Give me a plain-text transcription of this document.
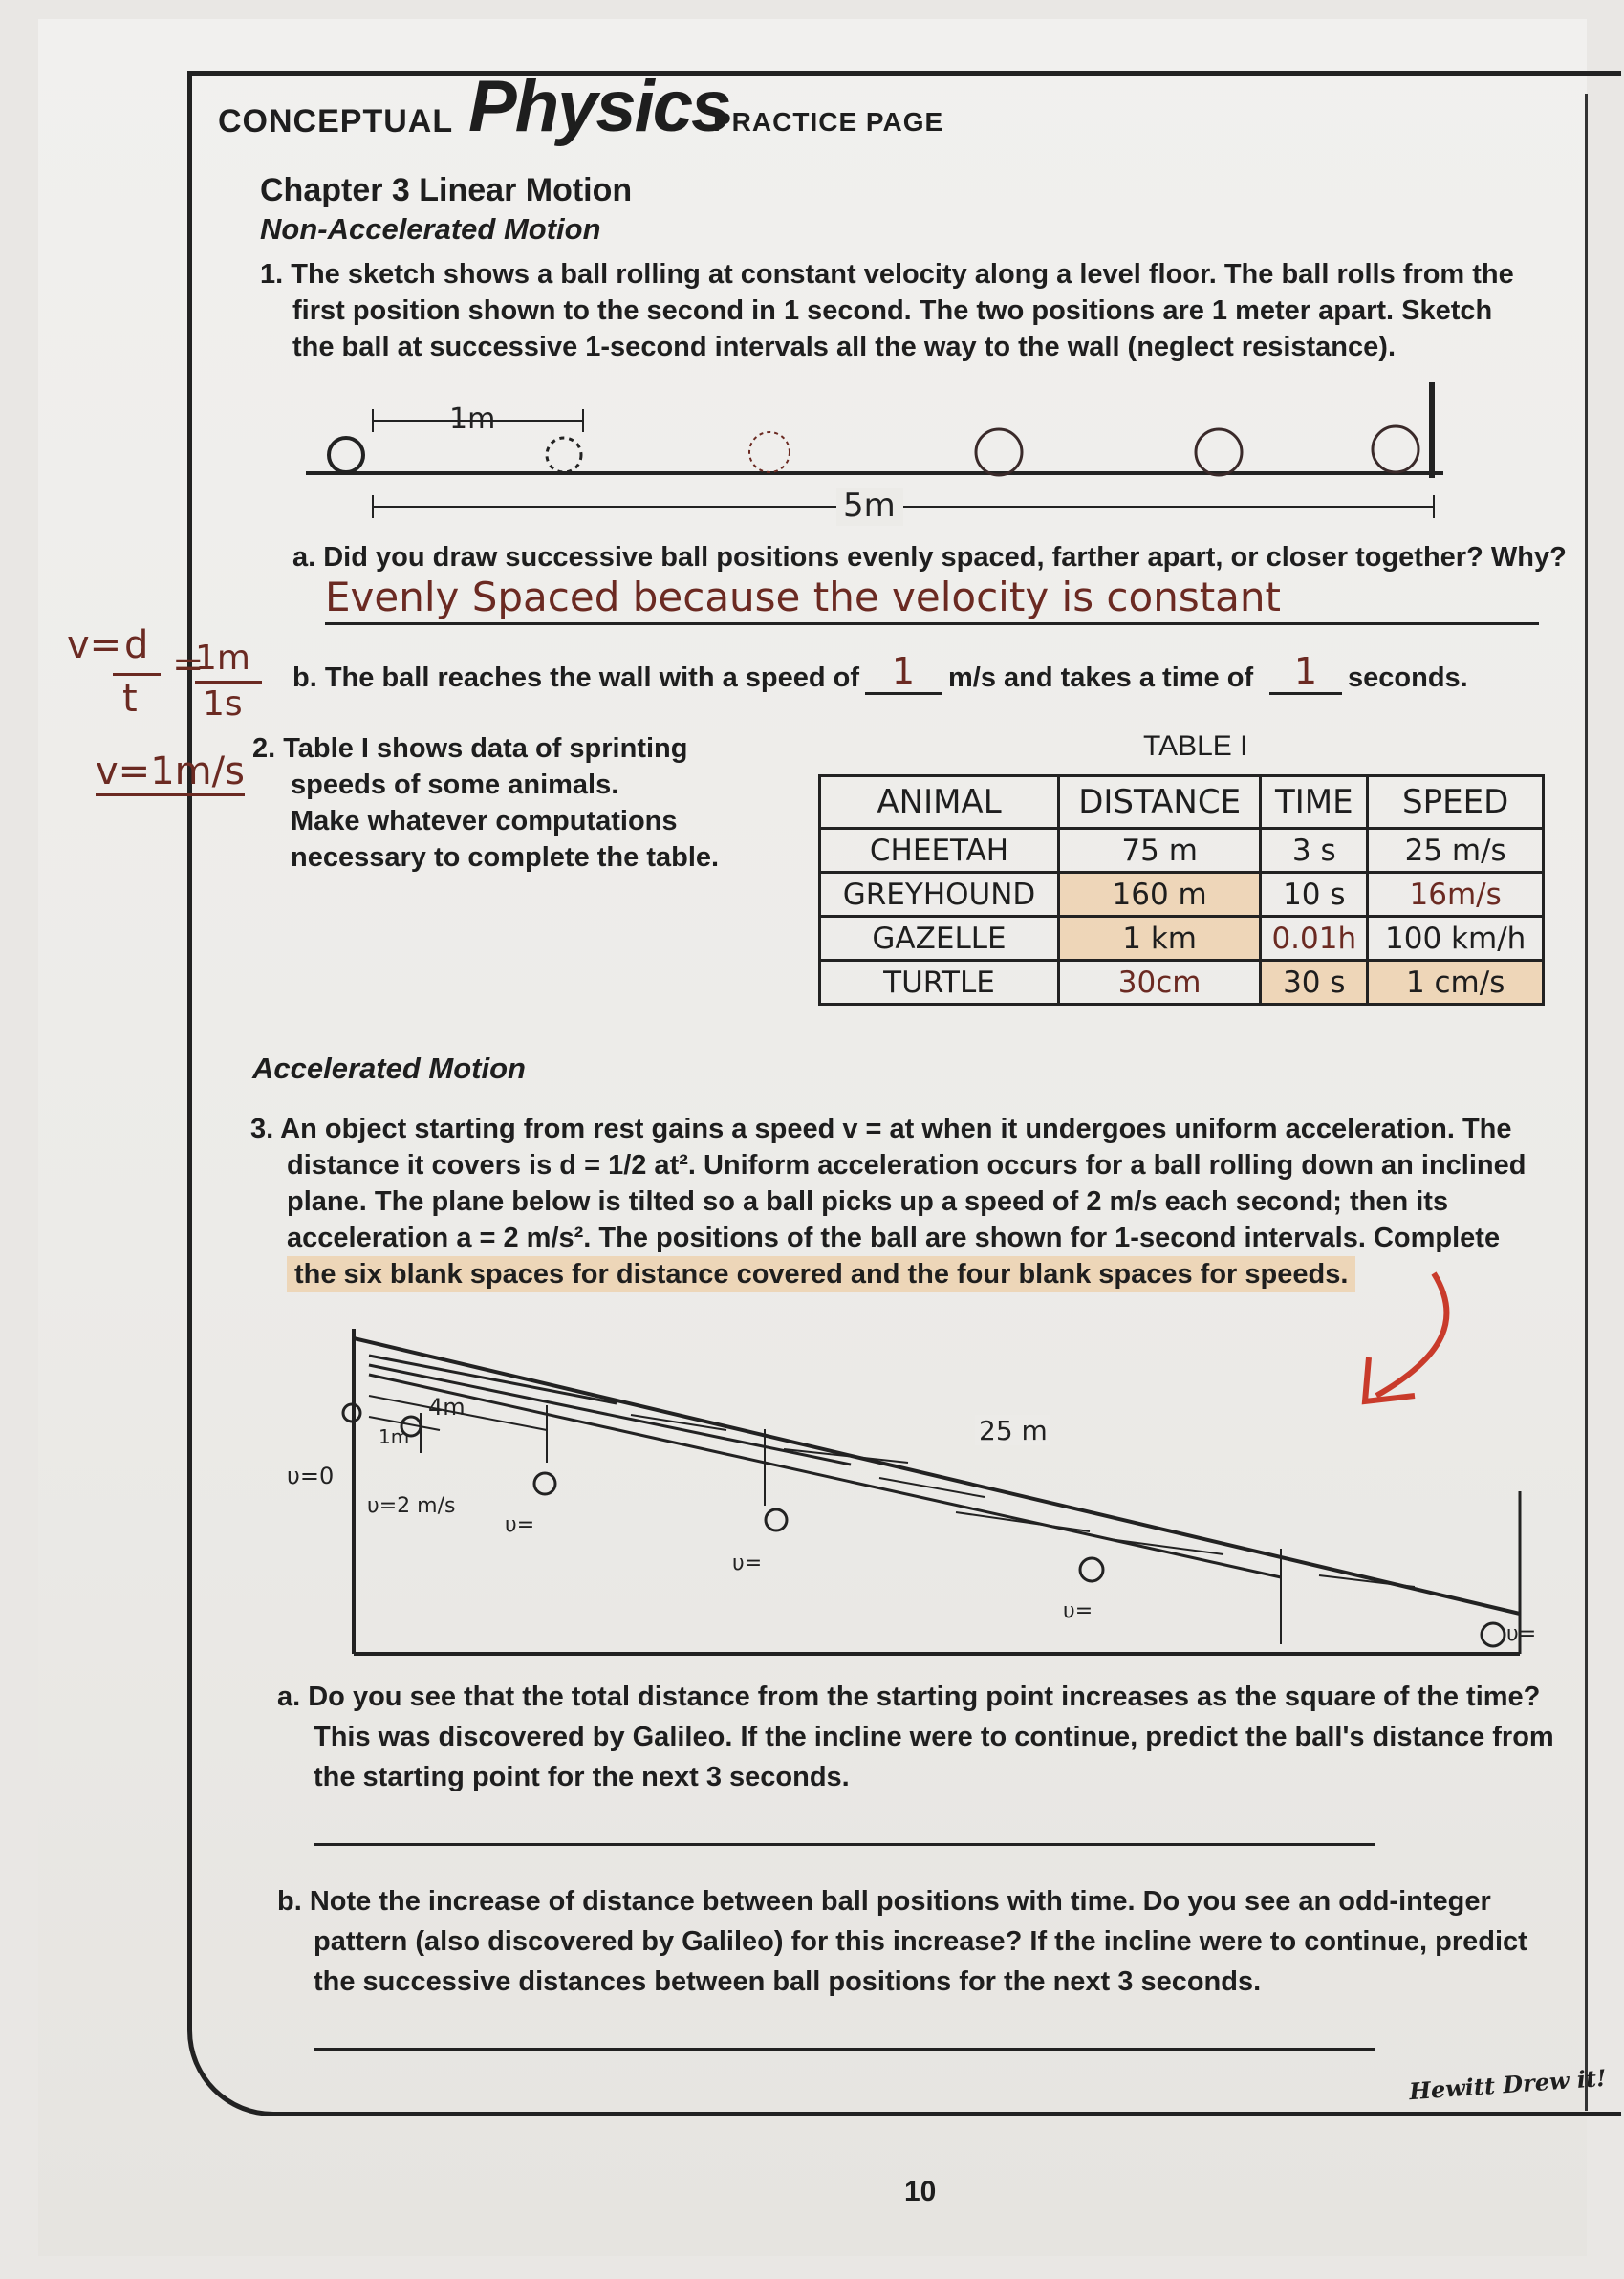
CONCEPTUAL Physics
PRACTICE PAGE
Chapter 3 Linear Motion
Non-Accelerated Motion
1. The sketch shows a ball rolling at constant velocity along a level floor. The ball rolls from the
first position shown to the second in 1 second. The two positions are 1 meter apart. Sketch
the ball at successive 1-second intervals all the way to the wall (neglect resistance).
1m
5m
a. Did you draw successive ball positions evenly spaced, farther apart, or closer together? Why?
Evenly Spaced because the velocity is constant
v= d
t
=
1m
1s
v=1m/s
b. The ball reaches the wall with a speed of 1	m/s and takes a time of	1	seconds.
2. Table I shows data of sprinting
speeds of some animals.
Make whatever computations
necessary to complete the table.
TABLE I
ANIMAL	DISTANCE	TIME	SPEED
CHEETAH	75 m	3 s	25 m/s
GREYHOUND	160 m	10 s	16m/s
GAZELLE	1 km	0.01h	100 km/h
TURTLE	30cm	30 s	1 cm/s
Accelerated Motion
3. An object starting from rest gains a speed v = at when it undergoes uniform acceleration. The
distance it covers is d = 1/2 at². Uniform acceleration occurs for a ball rolling down an inclined
plane. The plane below is tilted so a ball picks up a speed of 2 m/s each second; then its
acceleration a = 2 m/s². The positions of the ball are shown for 1-second intervals. Complete
the six blank spaces for distance covered and the four blank spaces for speeds.
υ=0
υ=2 m/s
υ=
υ=
υ=
υ=
1m
4m
25 m
a. Do you see that the total distance from the starting point increases as the square of the time?
This was discovered by Galileo. If the incline were to continue, predict the ball's distance from
the starting point for the next 3 seconds.
b. Note the increase of distance between ball positions with time. Do you see an odd-integer
pattern (also discovered by Galileo) for this increase? If the incline were to continue, predict
the successive distances between ball positions for the next 3 seconds.
Hewitt Drew it!
10
